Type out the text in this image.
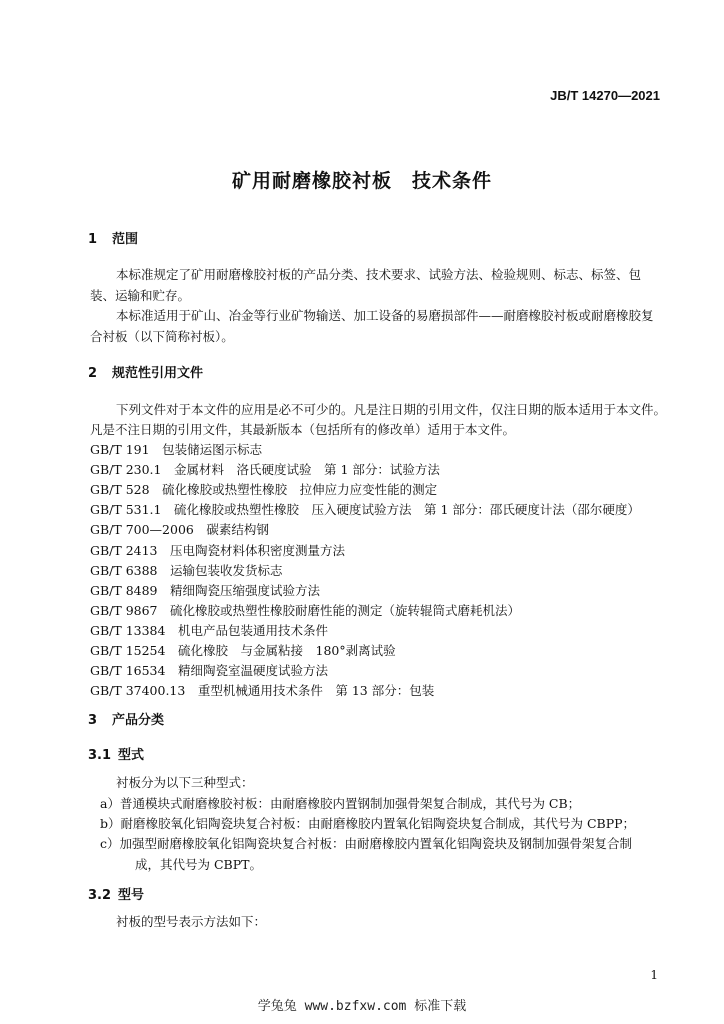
JB/T 14270—2021
矿用耐磨橡胶衬板　技术条件
1 范围
本标准规定了矿用耐磨橡胶衬板的产品分类、技术要求、试验方法、检验规则、标志、标签、包
装、运输和贮存。
本标准适用于矿山、冶金等行业矿物输送、加工设备的易磨损部件——耐磨橡胶衬板或耐磨橡胶复
合衬板（以下简称衬板）。
2 规范性引用文件
下列文件对于本文件的应用是必不可少的。凡是注日期的引用文件，仅注日期的版本适用于本文件。
凡是不注日期的引用文件，其最新版本（包括所有的修改单）适用于本文件。
GB/T 191　 包装储运图示标志
GB/T 230.1　 金属材料　洛氏硬度试验　第 1 部分：试验方法
GB/T 528　 硫化橡胶或热塑性橡胶　拉伸应力应变性能的测定
GB/T 531.1　 硫化橡胶或热塑性橡胶　压入硬度试验方法　第 1 部分：邵氏硬度计法（邵尔硬度）
GB/T 700—2006　 碳素结构钢
GB/T 2413　 压电陶瓷材料体积密度测量方法
GB/T 6388　 运输包装收发货标志
GB/T 8489　 精细陶瓷压缩强度试验方法
GB/T 9867　 硫化橡胶或热塑性橡胶耐磨性能的测定（旋转辊筒式磨耗机法）
GB/T 13384　 机电产品包装通用技术条件
GB/T 15254　 硫化橡胶　与金属粘接　180°剥离试验
GB/T 16534　 精细陶瓷室温硬度试验方法
GB/T 37400.13　 重型机械通用技术条件　第 13 部分：包装
3 产品分类
3.1 型式
衬板分为以下三种型式：
a）普通模块式耐磨橡胶衬板：由耐磨橡胶内置钢制加强骨架复合制成，其代号为 CB；
b）耐磨橡胶氧化铝陶瓷块复合衬板：由耐磨橡胶内置氧化铝陶瓷块复合制成，其代号为 CBPP；
c）加强型耐磨橡胶氧化铝陶瓷块复合衬板：由耐磨橡胶内置氧化铝陶瓷块及钢制加强骨架复合制
成，其代号为 CBPT。
3.2 型号
衬板的型号表示方法如下：
1
学兔兔 www.bzfxw.com 标准下载
